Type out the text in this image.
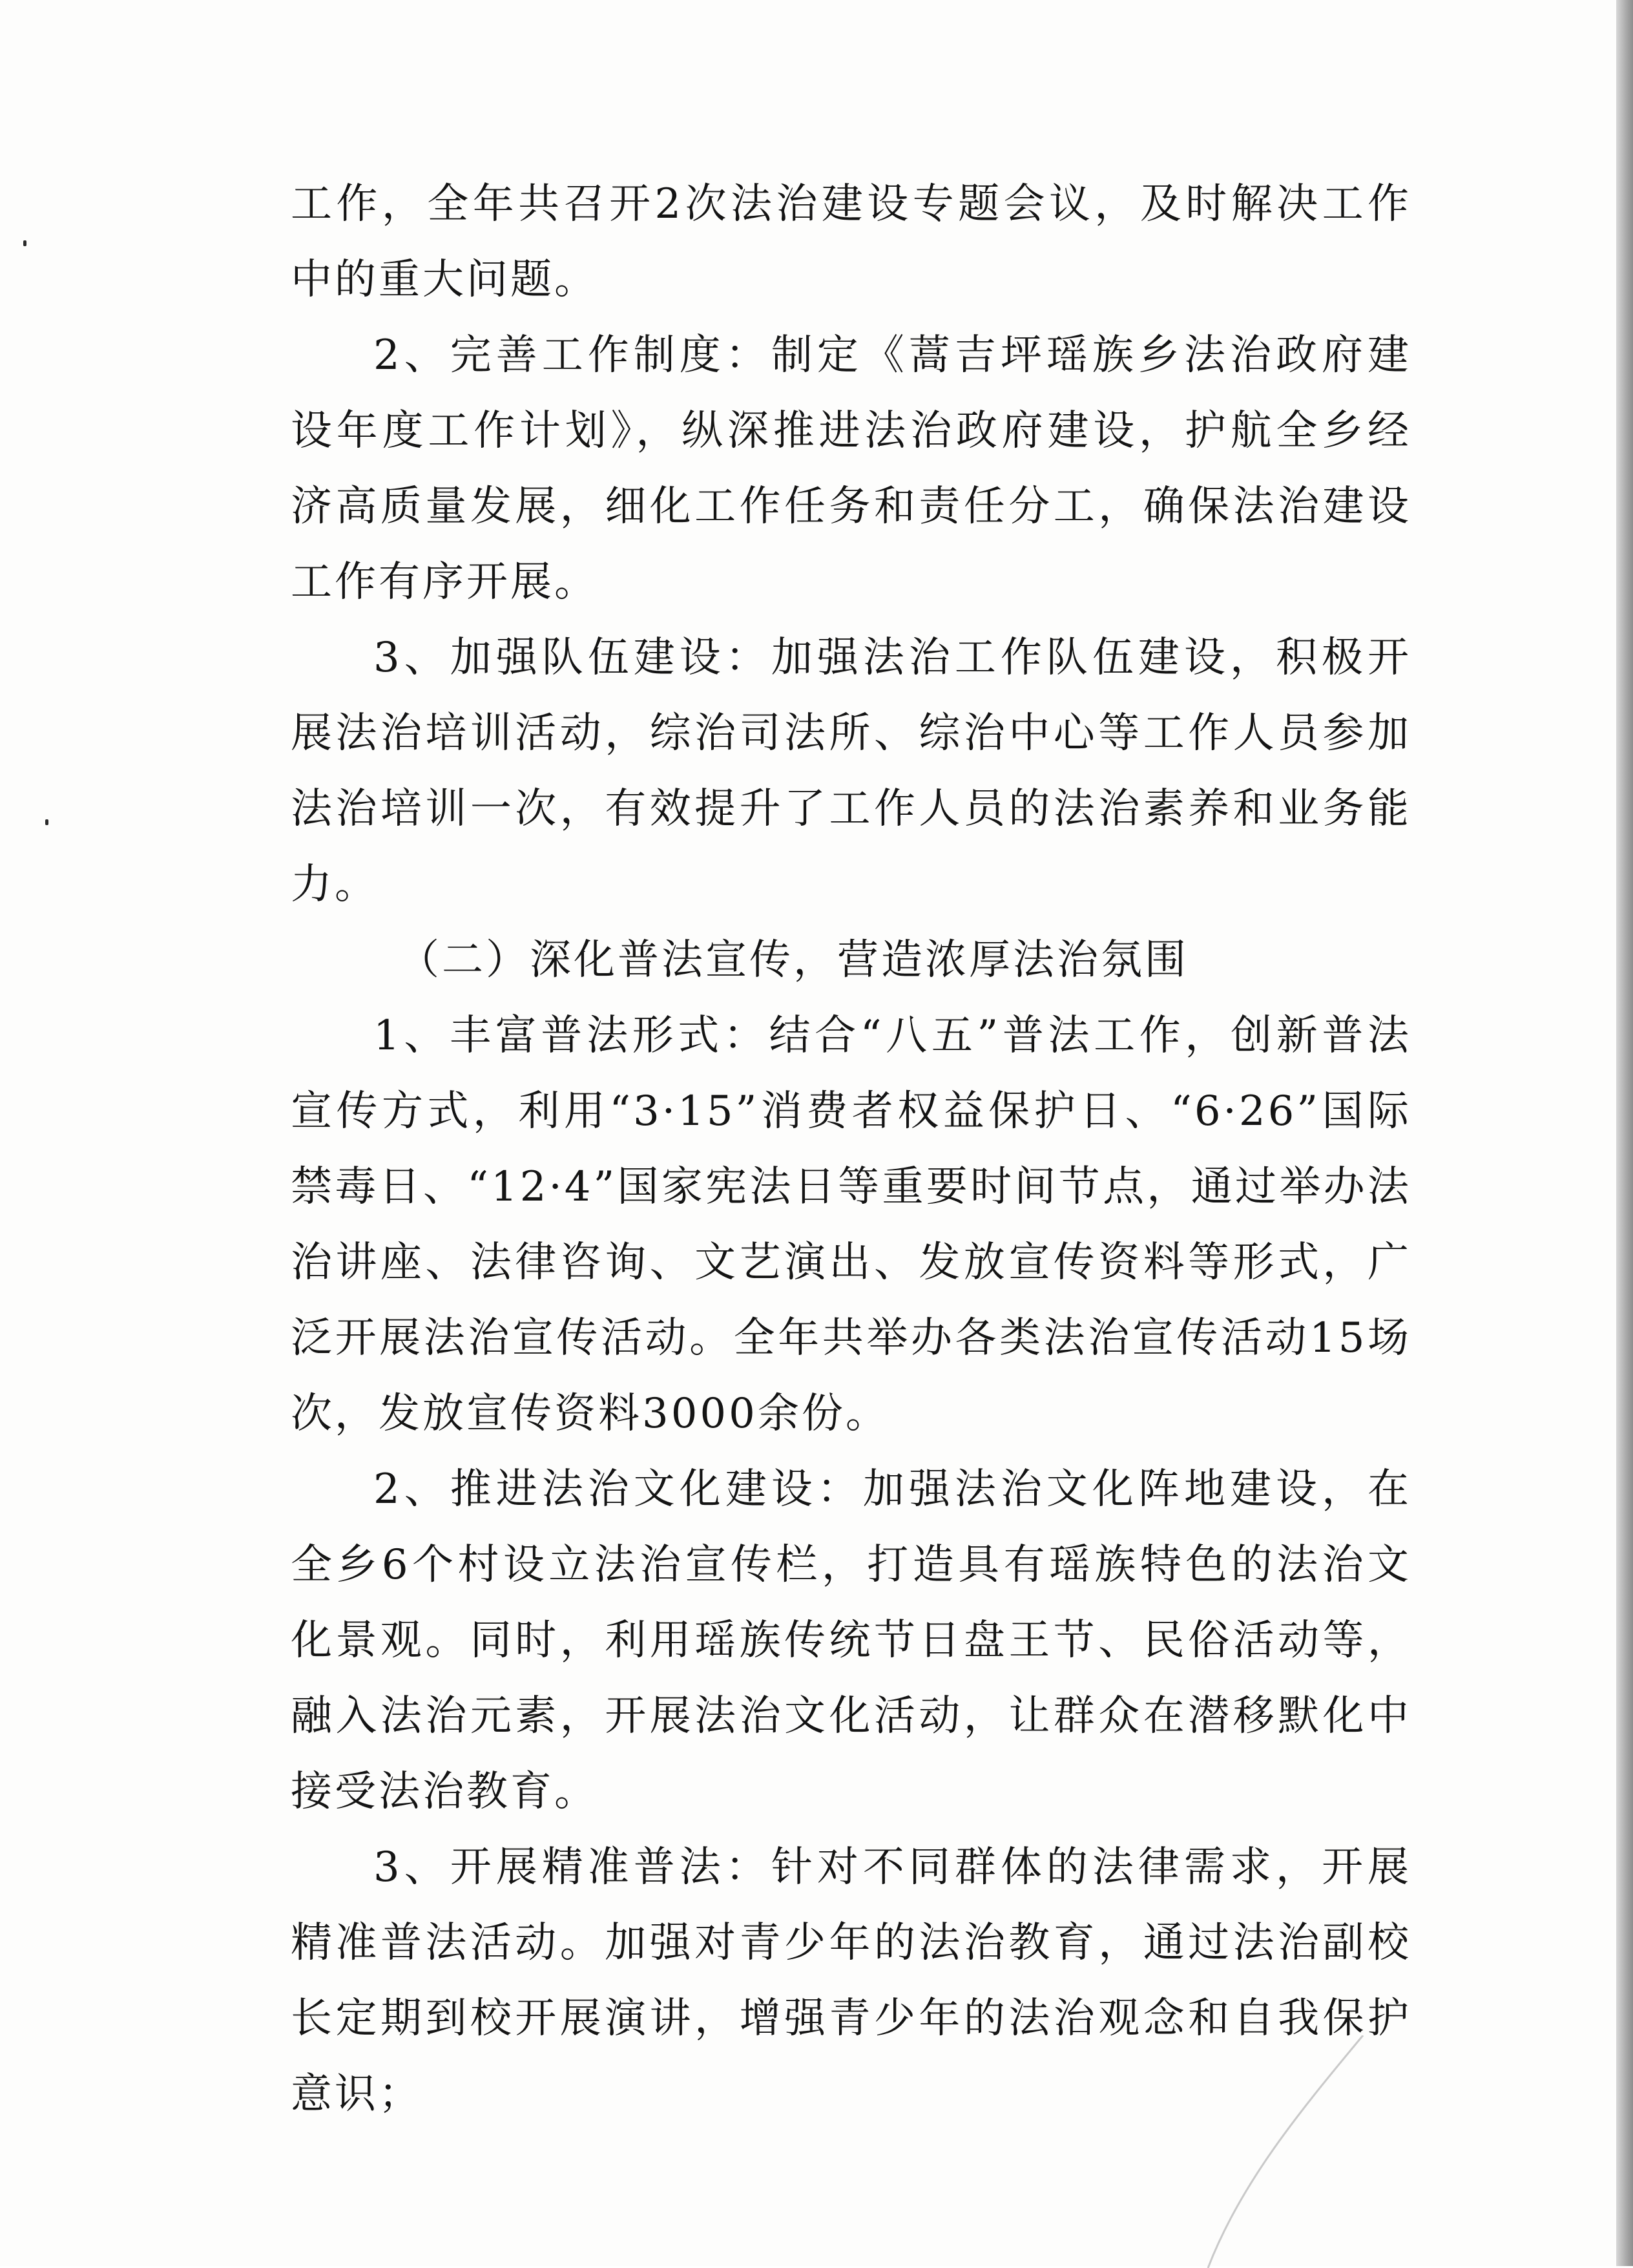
工作，全年共召开2次法治建设专题会议，及时解决工作中的重大问题。

2、完善工作制度：制定《蒿吉坪瑶族乡法治政府建设年度工作计划》，纵深推进法治政府建设，护航全乡经济高质量发展，细化工作任务和责任分工，确保法治建设工作有序开展。

3、加强队伍建设：加强法治工作队伍建设，积极开展法治培训活动，综治司法所、综治中心等工作人员参加法治培训一次，有效提升了工作人员的法治素养和业务能力。

（二）深化普法宣传，营造浓厚法治氛围

1、丰富普法形式：结合“八五”普法工作，创新普法宣传方式，利用“3·15”消费者权益保护日、“6·26”国际禁毒日、“12·4”国家宪法日等重要时间节点，通过举办法治讲座、法律咨询、文艺演出、发放宣传资料等形式，广泛开展法治宣传活动。全年共举办各类法治宣传活动15场次，发放宣传资料3000余份。

2、推进法治文化建设：加强法治文化阵地建设，在全乡6个村设立法治宣传栏，打造具有瑶族特色的法治文化景观。同时，利用瑶族传统节日盘王节、民俗活动等，融入法治元素，开展法治文化活动，让群众在潜移默化中接受法治教育。

3、开展精准普法：针对不同群体的法律需求，开展精准普法活动。加强对青少年的法治教育，通过法治副校长定期到校开展演讲，增强青少年的法治观念和自我保护意识；
